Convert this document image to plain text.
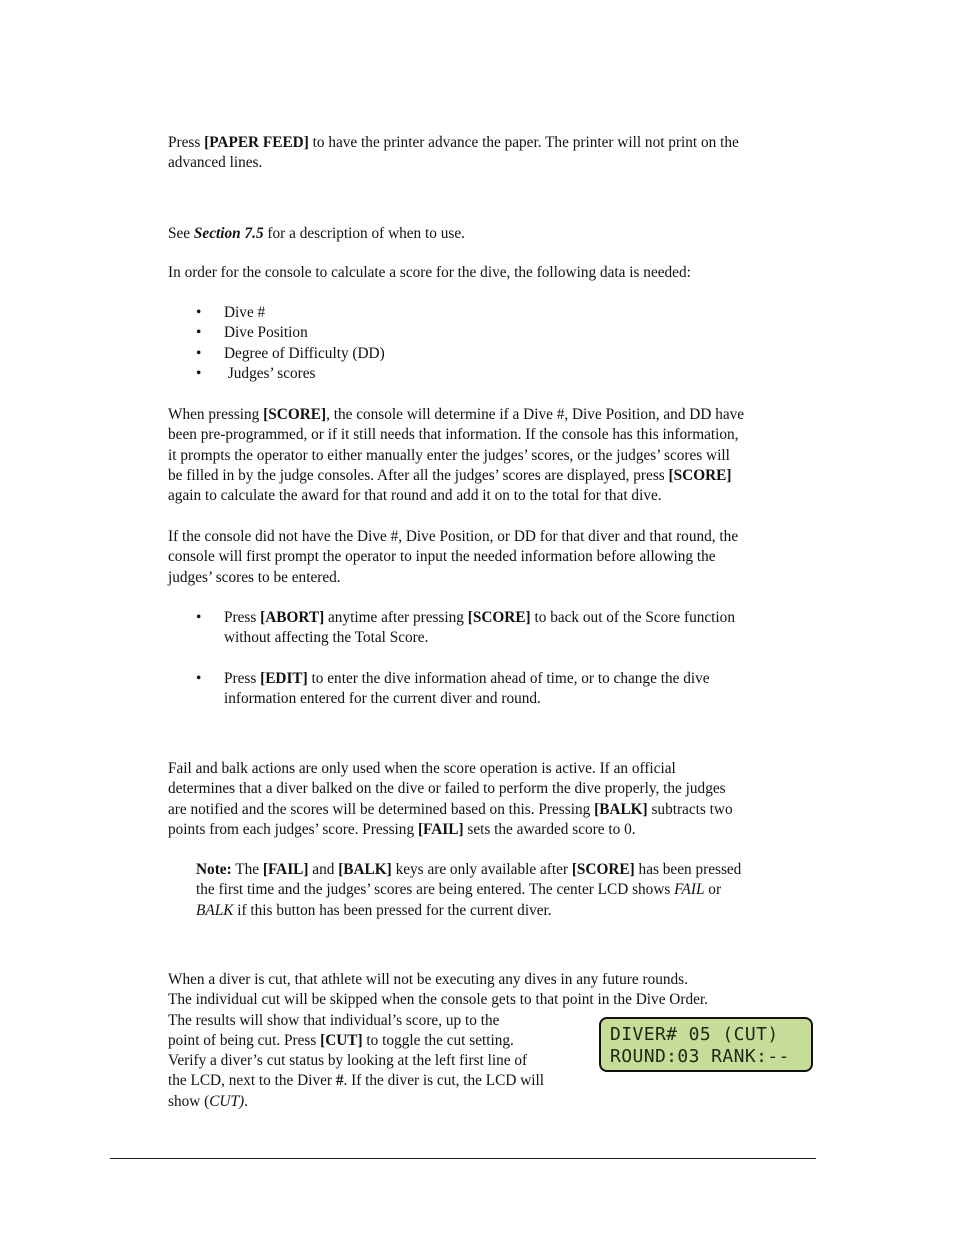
Press [PAPER FEED] to have the printer advance the paper. The printer will not print on the
advanced lines.

See Section 7.5 for a description of when to use.

In order for the console to calculate a score for the dive, the following data is needed:

• Dive #
• Dive Position
• Degree of Difficulty (DD)
•  Judges’ scores

When pressing [SCORE], the console will determine if a Dive #, Dive Position, and DD have
been pre-programmed, or if it still needs that information. If the console has this information,
it prompts the operator to either manually enter the judges’ scores, or the judges’ scores will
be filled in by the judge consoles. After all the judges’ scores are displayed, press [SCORE]
again to calculate the award for that round and add it on to the total for that dive.

If the console did not have the Dive #, Dive Position, or DD for that diver and that round, the
console will first prompt the operator to input the needed information before allowing the
judges’ scores to be entered.

• Press [ABORT] anytime after pressing [SCORE] to back out of the Score function
without affecting the Total Score.
• Press [EDIT] to enter the dive information ahead of time, or to change the dive
information entered for the current diver and round.

Fail and balk actions are only used when the score operation is active. If an official
determines that a diver balked on the dive or failed to perform the dive properly, the judges
are notified and the scores will be determined based on this. Pressing [BALK] subtracts two
points from each judges’ score. Pressing [FAIL] sets the awarded score to 0.

Note: The [FAIL] and [BALK] keys are only available after [SCORE] has been pressed
the first time and the judges’ scores are being entered. The center LCD shows FAIL or
BALK if this button has been pressed for the current diver.

When a diver is cut, that athlete will not be executing any dives in any future rounds.
The individual cut will be skipped when the console gets to that point in the Dive Order.
The results will show that individual’s score, up to the
point of being cut. Press [CUT] to toggle the cut setting.
Verify a diver’s cut status by looking at the left first line of
the LCD, next to the Diver #. If the diver is cut, the LCD will
show (CUT).

DIVER# 05 (CUT)
ROUND:03 RANK:--
